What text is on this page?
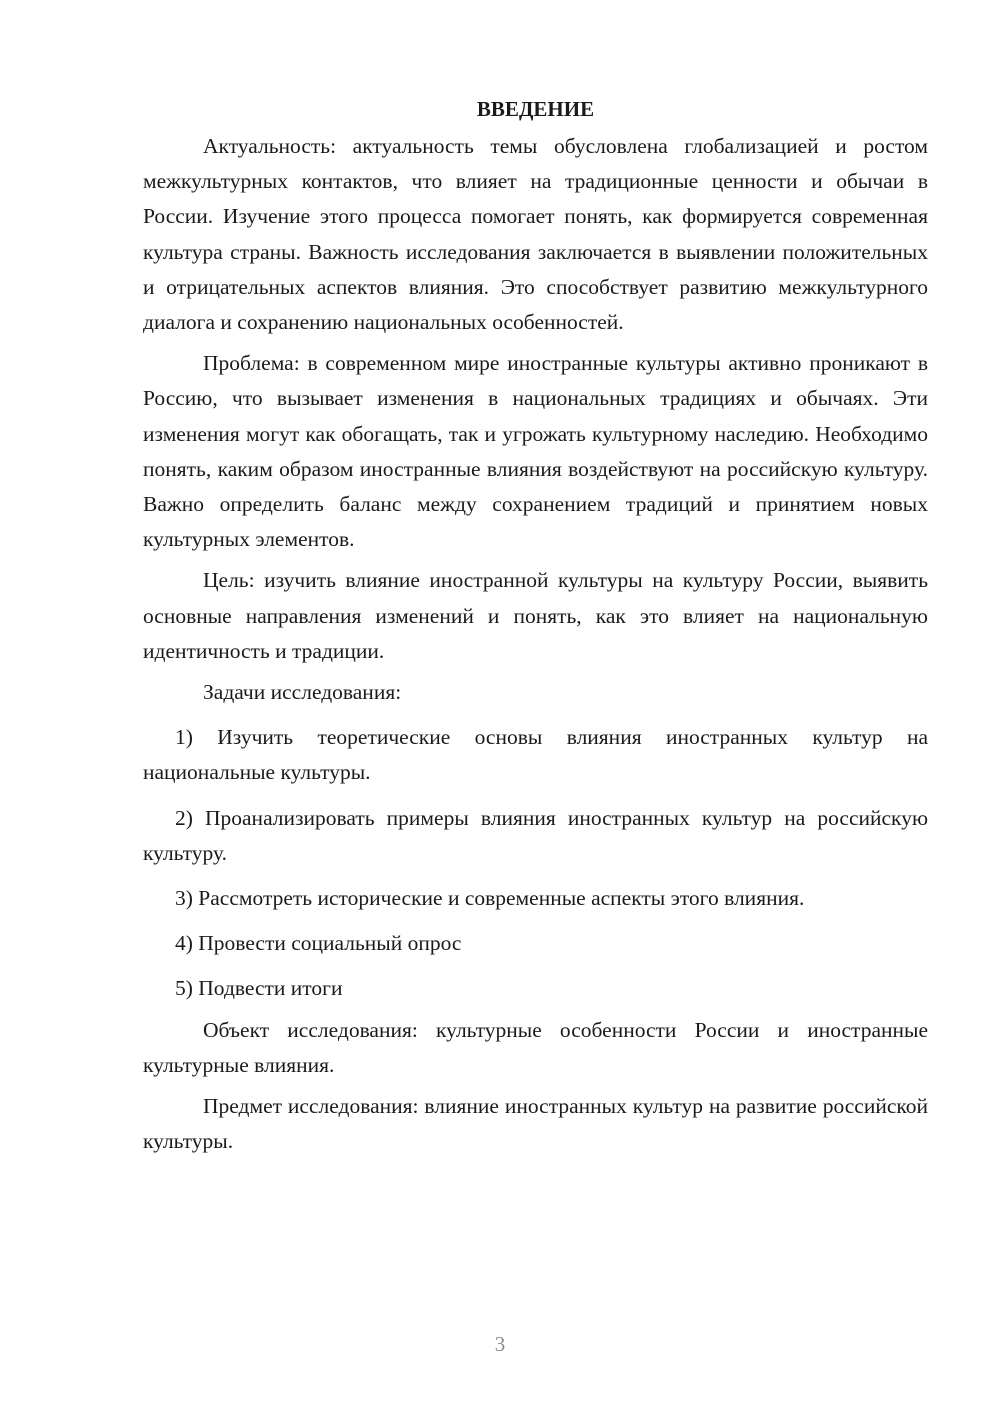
ВВЕДЕНИЕ

Актуальность: актуальность темы обусловлена глобализацией и ростом межкультурных контактов, что влияет на традиционные ценности и обычаи в России. Изучение этого процесса помогает понять, как формируется современная культура страны. Важность исследования заключается в выявлении положительных и отрицательных аспектов влияния. Это способствует развитию межкультурного диалога и сохранению национальных особенностей.

Проблема: в современном мире иностранные культуры активно проникают в Россию, что вызывает изменения в национальных традициях и обычаях. Эти изменения могут как обогащать, так и угрожать культурному наследию. Необходимо понять, каким образом иностранные влияния воздействуют на российскую культуру. Важно определить баланс между сохранением традиций и принятием новых культурных элементов.

Цель: изучить влияние иностранной культуры на культуру России, выявить основные направления изменений и понять, как это влияет на национальную идентичность и традиции.

Задачи исследования:

1) Изучить теоретические основы влияния иностранных культур на национальные культуры.

2) Проанализировать примеры влияния иностранных культур на российскую культуру.

3) Рассмотреть исторические и современные аспекты этого влияния.

4) Провести социальный опрос

5) Подвести итоги

Объект исследования: культурные особенности России и иностранные культурные влияния.

Предмет исследования: влияние иностранных культур на развитие российской культуры.

3
